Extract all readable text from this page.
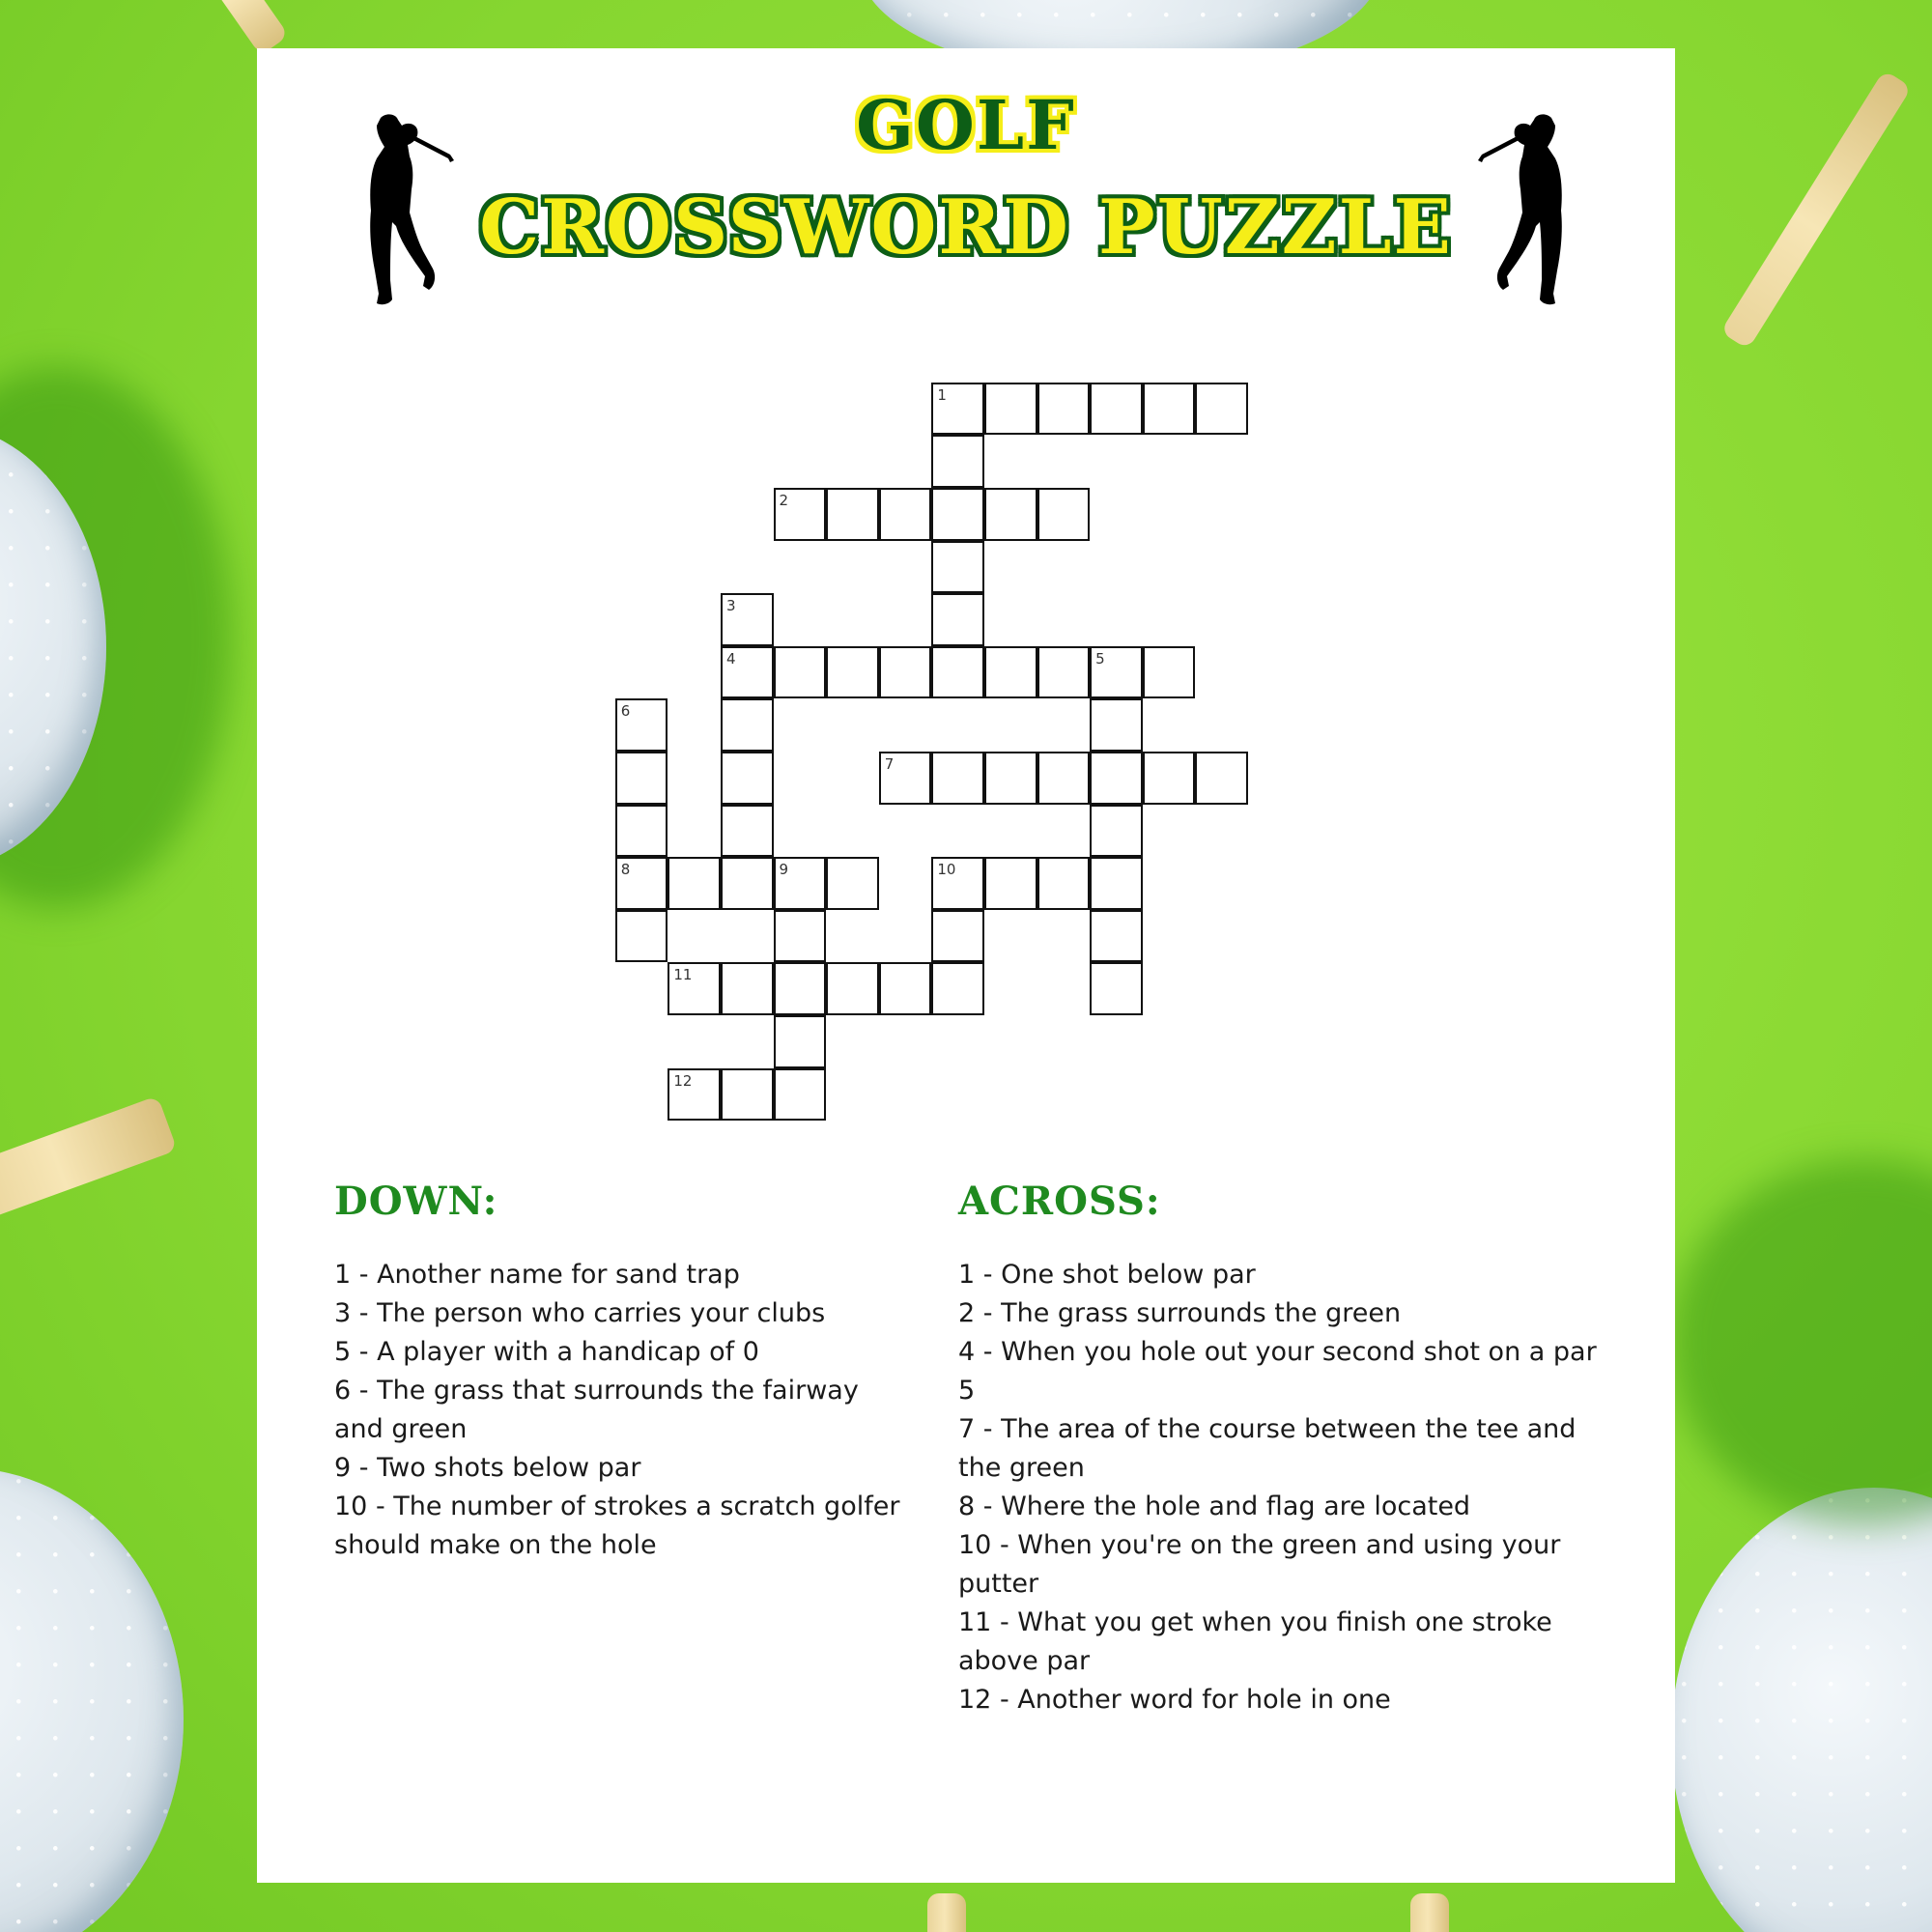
GOLF
CROSSWORD PUZZLE
1
2
3
4	5
6
8
7
9	10
11
12
DOWN:
1 - Another name for sand trap
3 - The person who carries your clubs
5 - A player with a handicap of 0
6 - The grass that surrounds the fairway and green
9 - Two shots below par
10 - The number of strokes a scratch golfer should make on the hole
ACROSS:
1 - One shot below par
2 - The grass surrounds the green
4 - When you hole out your second shot on a par 5
7 - The area of the course between the tee and the green
8 - Where the hole and flag are located
10 - When you're on the green and using your putter
11 - What you get when you finish one stroke above par
12 - Another word for hole in one
